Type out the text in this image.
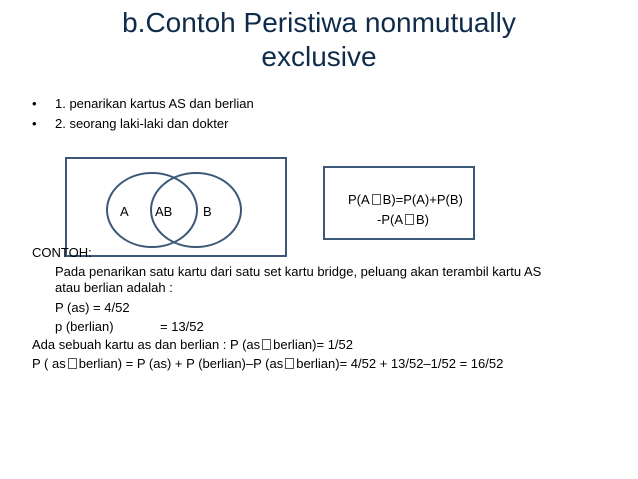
b.Contoh Peristiwa nonmutually
exclusive
• 1. penarikan kartus AS dan berlian
• 2. seorang laki-laki dan dokter
A AB B
P(A B)=P(A)+P(B)
-P(A B)
CONTOH:
Pada penarikan satu kartu dari satu set kartu bridge, peluang akan terambil kartu AS
atau berlian adalah :
P (as) = 4/52
p (berlian)	= 13/52
Ada sebuah kartu as dan berlian : P (as berlian)= 1/52
P ( as berlian) = P (as) + P (berlian)–P (as berlian)= 4/52 + 13/52–1/52 = 16/52
